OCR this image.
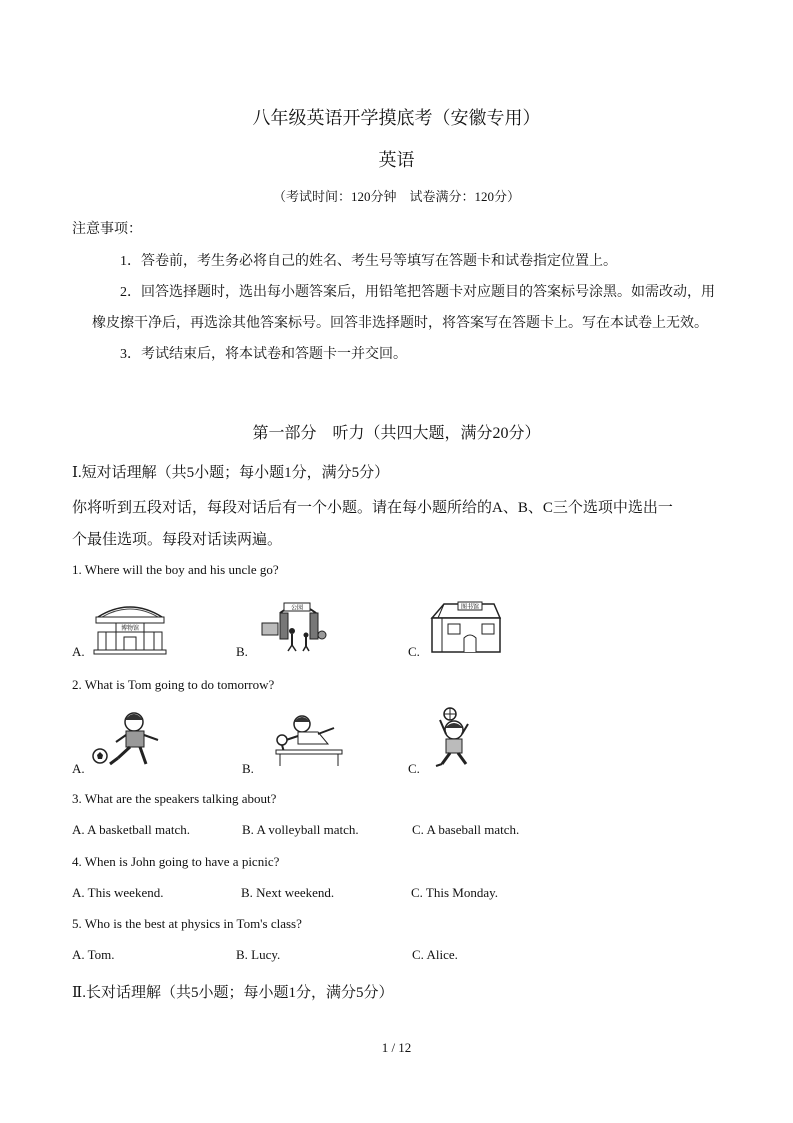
八年级英语开学摸底考（安徽专用）
英语
（考试时间：120分钟　试卷满分：120分）
注意事项：
1．答卷前，考生务必将自己的姓名、考生号等填写在答题卡和试卷指定位置上。
2．回答选择题时，选出每小题答案后，用铅笔把答题卡对应题目的答案标号涂黑。如需改动，用
橡皮擦干净后，再选涂其他答案标号。回答非选择题时，将答案写在答题卡上。写在本试卷上无效。
3．考试结束后，将本试卷和答题卡一并交回。
第一部分　听力（共四大题，满分20分）
Ⅰ.短对话理解（共5小题；每小题1分，满分5分）
你将听到五段对话，每段对话后有一个小题。请在每小题所给的A、B、C三个选项中选出一
个最佳选项。每段对话读两遍。
1. Where will the boy and his uncle go?
A.	B.	C.
博物馆
公园	图书馆
2. What is Tom going to do tomorrow?
A.	B.	C.
3. What are the speakers talking about?
A. A basketball match.	B. A volleyball match.	C. A baseball match.
4. When is John going to have a picnic?
A. This weekend.	B. Next weekend.	C. This Monday.
5. Who is the best at physics in Tom's class?
A. Tom.	B. Lucy.	C. Alice.
Ⅱ.长对话理解（共5小题；每小题1分，满分5分）
1 / 12
